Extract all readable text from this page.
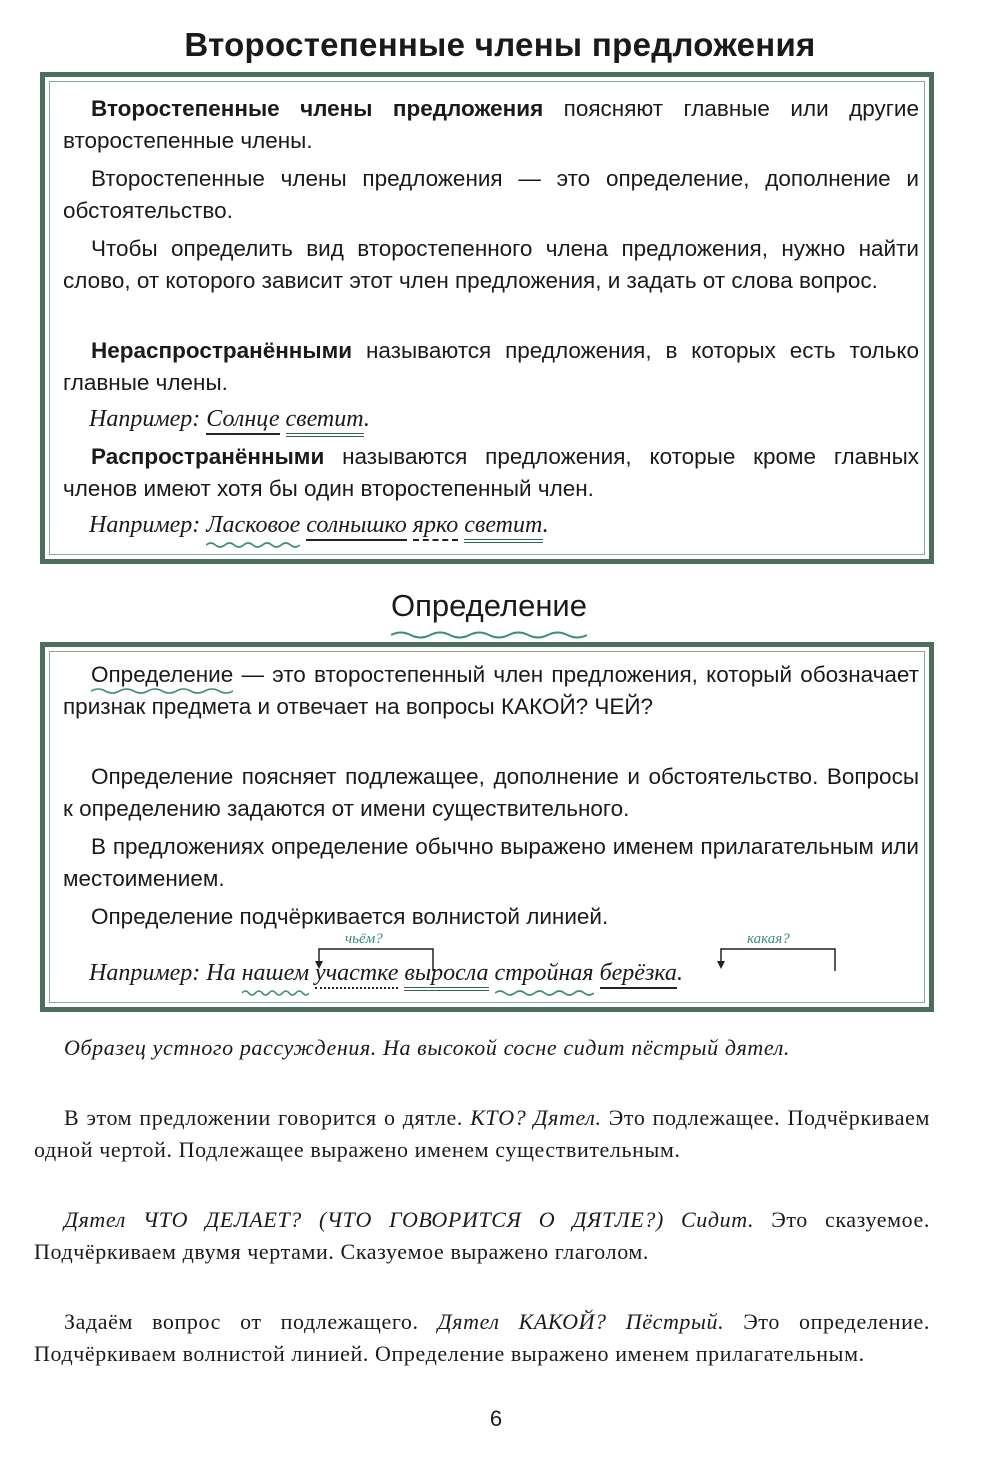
Второстепенные члены предложения

Второстепенные члены предложения поясняют главные или другие второстепенные члены.

Второстепенные члены предложения — это определение, дополнение и обстоятельство.

Чтобы определить вид второстепенного члена предложения, нужно найти слово, от которого зависит этот член предложения, и задать от слова вопрос.

Нераспространёнными называются предложения, в которых есть только главные члены.

Например: Солнце светит.

Распространёнными называются предложения, которые кроме главных членов имеют хотя бы один второстепенный член.

Например: Ласковое солнышко ярко светит.

Определение

Определение
— это второстепенный член предложения, который обозначает признак предмета и отвечает на вопросы КАКОЙ? ЧЕЙ?

Определение поясняет подлежащее, дополнение и обстоятельство. Вопросы к определению задаются от имени существительного.

В предложениях определение обычно выражено именем прилагательным или местоимением.

Определение подчёркивается волнистой линией.

чьём?	какая?

Например: На нашем участке выросла стройная берёзка.

Образец устного рассуждения. На высокой сосне сидит пёстрый дятел.

В этом предложении говорится о дятле. КТО? Дятел. Это подлежащее. Подчёркиваем одной чертой. Подлежащее выражено именем существительным.

Дятел ЧТО ДЕЛАЕТ? (ЧТО ГОВОРИТСЯ О ДЯТЛЕ?) Сидит. Это сказуемое. Подчёркиваем двумя чертами. Сказуемое выражено глаголом.

Задаём вопрос от подлежащего. Дятел КАКОЙ? Пёстрый. Это определение. Подчёркиваем волнистой линией. Определение выражено именем прилагательным.

6
